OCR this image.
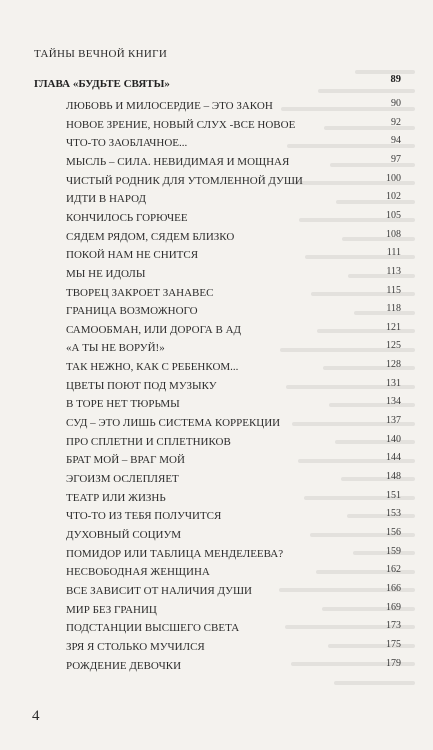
ТАЙНЫ ВЕЧНОЙ КНИГИ
ГЛАВА «БУДЬТЕ СВЯТЫ»	89
ЛЮБОВЬ И МИЛОСЕРДИЕ – ЭТО ЗАКОН	90
НОВОЕ ЗРЕНИЕ, НОВЫЙ СЛУХ -ВСЕ НОВОЕ	92
ЧТО-ТО ЗАОБЛАЧНОЕ...	94
МЫСЛЬ – СИЛА. НЕВИДИМАЯ И МОЩНАЯ	97
ЧИСТЫЙ РОДНИК ДЛЯ УТОМЛЕННОЙ ДУШИ	100
ИДТИ В НАРОД	102
КОНЧИЛОСЬ ГОРЮЧЕЕ	105
СЯДЕМ РЯДОМ, СЯДЕМ БЛИЗКО	108
ПОКОЙ НАМ НЕ СНИТСЯ	111
МЫ НЕ ИДОЛЫ	113
ТВОРЕЦ ЗАКРОЕТ ЗАНАВЕС	115
ГРАНИЦА ВОЗМОЖНОГО	118
САМООБМАН, ИЛИ ДОРОГА В АД	121
«А ТЫ НЕ ВОРУЙ!»	125
ТАК НЕЖНО, КАК С РЕБЕНКОМ...	128
ЦВЕТЫ ПОЮТ ПОД МУЗЫКУ	131
В ТОРЕ НЕТ ТЮРЬМЫ	134
СУД – ЭТО ЛИШЬ СИСТЕМА КОРРЕКЦИИ	137
ПРО СПЛЕТНИ И СПЛЕТНИКОВ	140
БРАТ МОЙ – ВРАГ МОЙ	144
ЭГОИЗМ ОСЛЕПЛЯЕТ	148
ТЕАТР ИЛИ ЖИЗНЬ	151
ЧТО-ТО ИЗ ТЕБЯ ПОЛУЧИТСЯ	153
ДУХОВНЫЙ СОЦИУМ	156
ПОМИДОР ИЛИ ТАБЛИЦА МЕНДЕЛЕЕВА?	159
НЕСВОБОДНАЯ ЖЕНЩИНА	162
ВСЕ ЗАВИСИТ ОТ НАЛИЧИЯ ДУШИ	166
МИР БЕЗ ГРАНИЦ	169
ПОДСТАНЦИИ ВЫСШЕГО СВЕТА	173
ЗРЯ Я СТОЛЬКО МУЧИЛСЯ	175
РОЖДЕНИЕ ДЕВОЧКИ	179
4
